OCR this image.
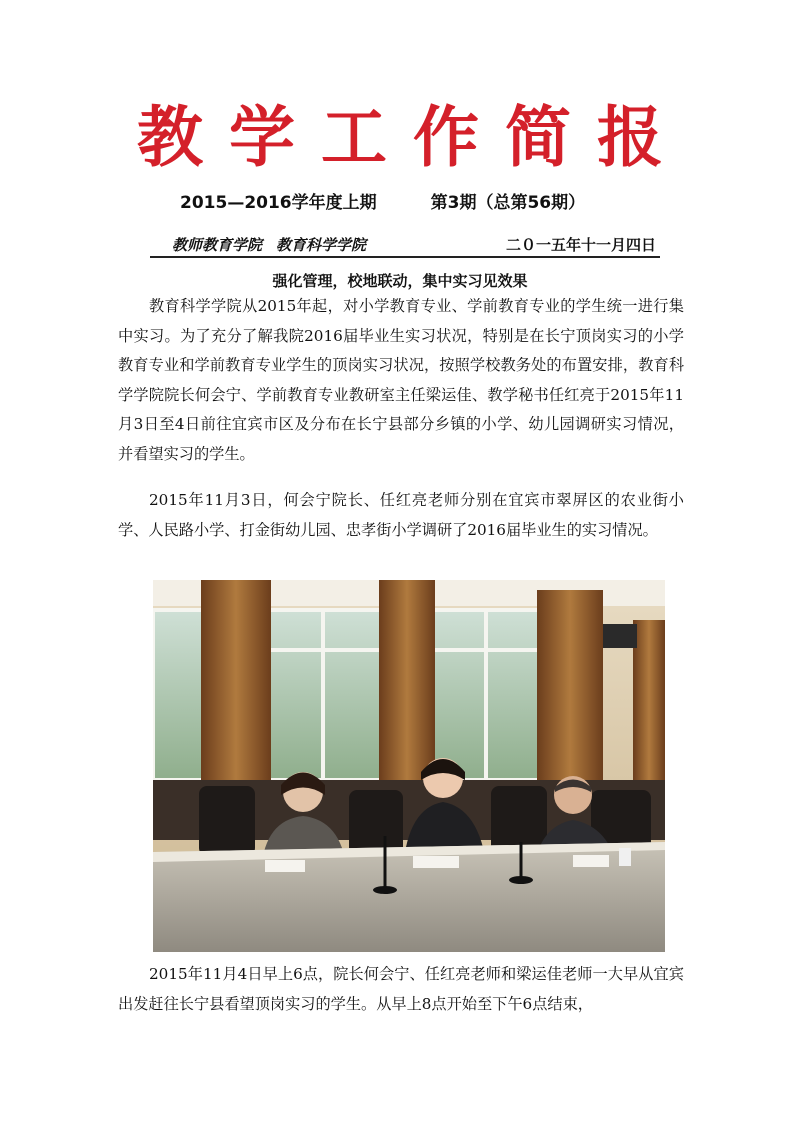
教学工作简报
2015—2016学年度上期	第3期（总第56期）
教师教育学院 教育科学学院	二０一五年十一月四日
强化管理，校地联动，集中实习见效果

教育科学学院从2015年起，对小学教育专业、学前教育专业的学生统一进行集中实习。为了充分了解我院2016届毕业生实习状况，特别是在长宁顶岗实习的小学教育专业和学前教育专业学生的顶岗实习状况，按照学校教务处的布置安排，教育科学学院院长何会宁、学前教育专业教研室主任梁运佳、教学秘书任红亮于2015年11月3日至4日前往宜宾市区及分布在长宁县部分乡镇的小学、幼儿园调研实习情况，并看望实习的学生。

2015年11月3日，何会宁院长、任红亮老师分别在宜宾市翠屏区的农业街小学、人民路小学、打金街幼儿园、忠孝街小学调研了2016届毕业生的实习情况。

2015年11月4日早上6点，院长何会宁、任红亮老师和梁运佳老师一大早从宜宾出发赶往长宁县看望顶岗实习的学生。从早上8点开始至下午6点结束，
